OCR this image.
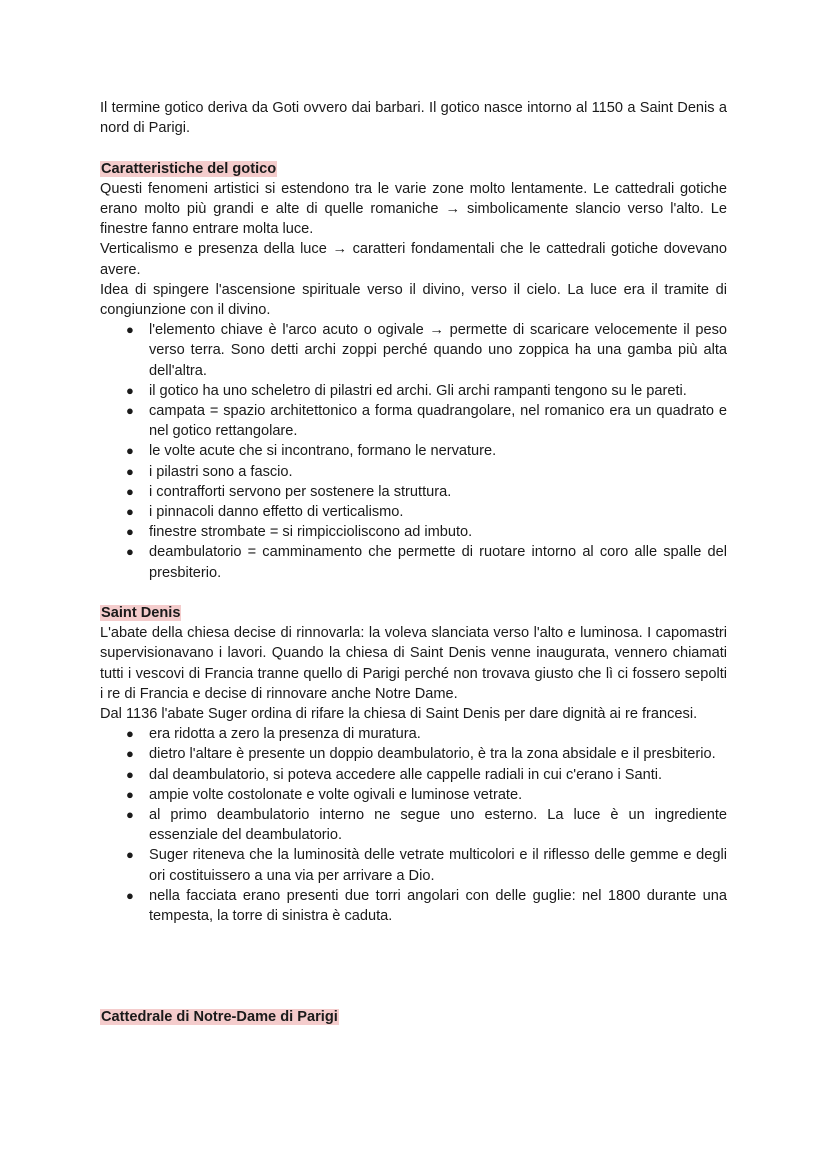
Il termine gotico deriva da Goti ovvero dai barbari. Il gotico nasce intorno al 1150 a Saint Denis a nord di Parigi.

Caratteristiche del gotico

Questi fenomeni artistici si estendono tra le varie zone molto lentamente. Le cattedrali gotiche erano molto più grandi e alte di quelle romaniche → simbolicamente slancio verso l'alto. Le finestre fanno entrare molta luce.

Verticalismo e presenza della luce → caratteri fondamentali che le cattedrali gotiche dovevano avere.

Idea di spingere l'ascensione spirituale verso il divino, verso il cielo. La luce era il tramite di congiunzione con il divino.

● l'elemento chiave è l'arco acuto o ogivale → permette di scaricare velocemente il peso verso terra. Sono detti archi zoppi perché quando uno zoppica ha una gamba più alta dell'altra.
● il gotico ha uno scheletro di pilastri ed archi. Gli archi rampanti tengono su le pareti.
● campata = spazio architettonico a forma quadrangolare, nel romanico era un quadrato e nel gotico rettangolare.
● le volte acute che si incontrano, formano le nervature.
● i pilastri sono a fascio.
● i contrafforti servono per sostenere la struttura.
● i pinnacoli danno effetto di verticalismo.
● finestre strombate = si rimpiccioliscono ad imbuto.
● deambulatorio = camminamento che permette di ruotare intorno al coro alle spalle del presbiterio.

Saint Denis

L'abate della chiesa decise di rinnovarla: la voleva slanciata verso l'alto e luminosa. I capomastri supervisionavano i lavori. Quando la chiesa di Saint Denis venne inaugurata, vennero chiamati tutti i vescovi di Francia tranne quello di Parigi perché non trovava giusto che lì ci fossero sepolti i re di Francia e decise di rinnovare anche Notre Dame.

Dal 1136 l'abate Suger ordina di rifare la chiesa di Saint Denis per dare dignità ai re francesi.

● era ridotta a zero la presenza di muratura.
● dietro l'altare è presente un doppio deambulatorio, è tra la zona absidale e il presbiterio.
● dal deambulatorio, si poteva accedere alle cappelle radiali in cui c'erano i Santi.
● ampie volte costolonate e volte ogivali e luminose vetrate.
● al primo deambulatorio interno ne segue uno esterno. La luce è un ingrediente essenziale del deambulatorio.
● Suger riteneva che la luminosità delle vetrate multicolori e il riflesso delle gemme e degli ori costituissero a una via per arrivare a Dio.
● nella facciata erano presenti due torri angolari con delle guglie: nel 1800 durante una tempesta, la torre di sinistra è caduta.

Cattedrale di Notre-Dame di Parigi
